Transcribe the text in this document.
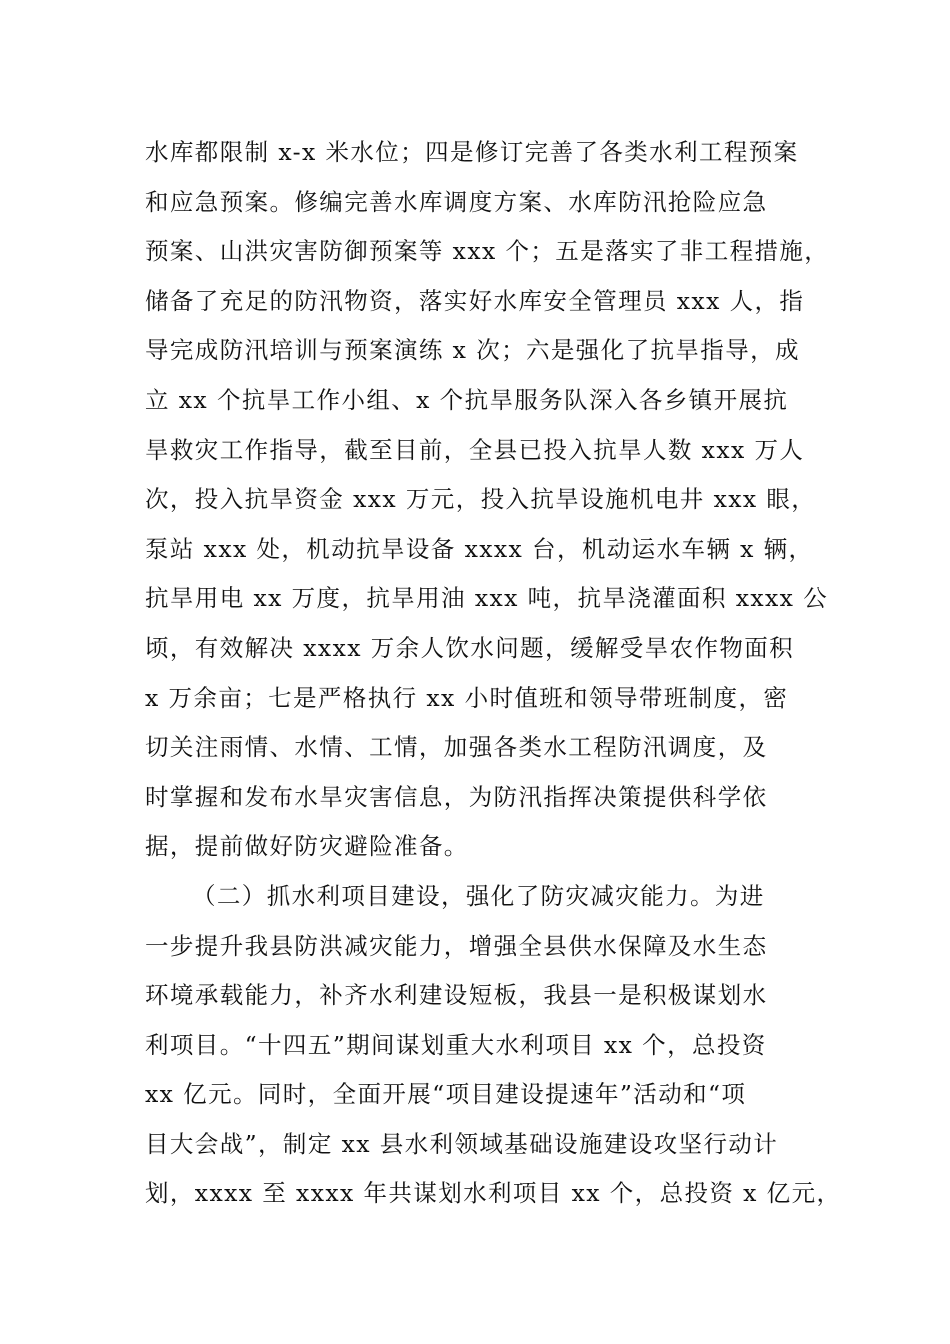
水库都限制 x-x 米水位；四是修订完善了各类水利工程预案
和应急预案。修编完善水库调度方案、水库防汛抢险应急
预案、山洪灾害防御预案等 xxx 个；五是落实了非工程措施，
储备了充足的防汛物资，落实好水库安全管理员 xxx 人，指
导完成防汛培训与预案演练 x 次；六是强化了抗旱指导，成
立 xx 个抗旱工作小组、x 个抗旱服务队深入各乡镇开展抗
旱救灾工作指导，截至目前，全县已投入抗旱人数 xxx 万人
次，投入抗旱资金 xxx 万元，投入抗旱设施机电井 xxx 眼，
泵站 xxx 处，机动抗旱设备 xxxx 台，机动运水车辆 x 辆，
抗旱用电 xx 万度，抗旱用油 xxx 吨，抗旱浇灌面积 xxxx 公
顷，有效解决 xxxx 万余人饮水问题，缓解受旱农作物面积
x 万余亩；七是严格执行 xx 小时值班和领导带班制度，密
切关注雨情、水情、工情，加强各类水工程防汛调度，及
时掌握和发布水旱灾害信息，为防汛指挥决策提供科学依
据，提前做好防灾避险准备。
（二）抓水利项目建设，强化了防灾减灾能力。为进
一步提升我县防洪减灾能力，增强全县供水保障及水生态
环境承载能力，补齐水利建设短板，我县一是积极谋划水
利项目。“十四五”期间谋划重大水利项目 xx 个，总投资
xx 亿元。同时，全面开展“项目建设提速年”活动和“项
目大会战”，制定 xx 县水利领域基础设施建设攻坚行动计
划，xxxx 至 xxxx 年共谋划水利项目 xx 个，总投资 x 亿元，
